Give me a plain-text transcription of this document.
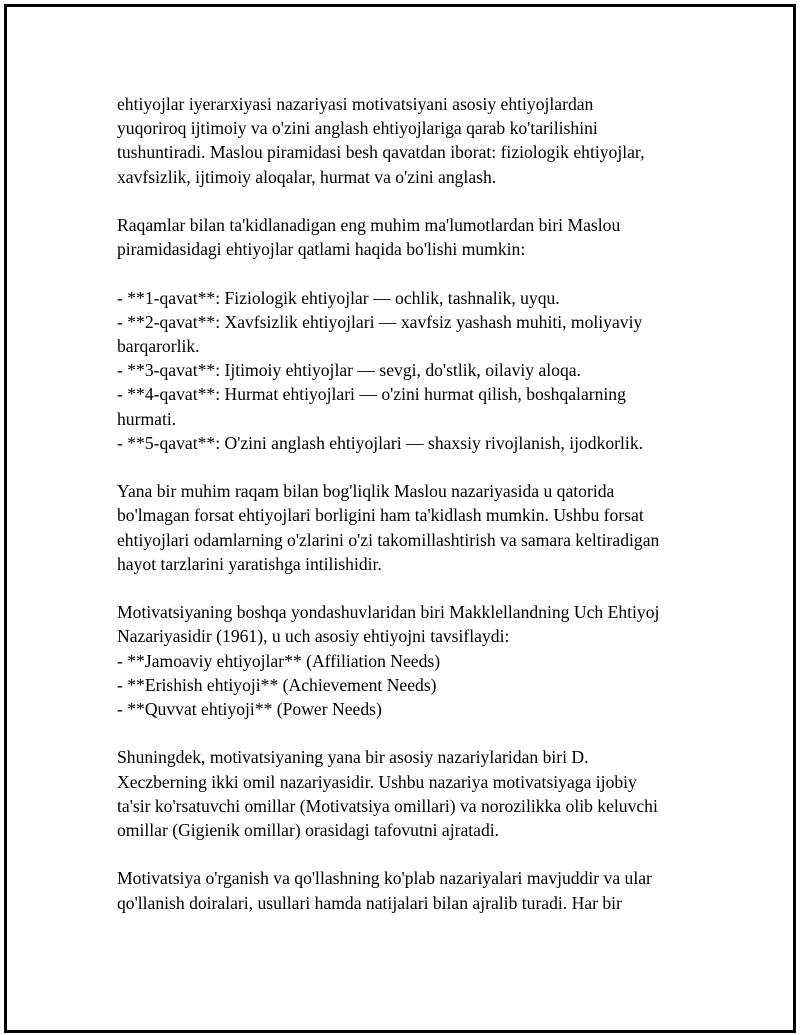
ehtiyojlar iyerarxiyasi nazariyasi motivatsiyani asosiy ehtiyojlardan
yuqoriroq ijtimoiy va o'zini anglash ehtiyojlariga qarab ko'tarilishini
tushuntiradi. Maslou piramidasi besh qavatdan iborat: fiziologik ehtiyojlar,
xavfsizlik, ijtimoiy aloqalar, hurmat va o'zini anglash.

Raqamlar bilan ta'kidlanadigan eng muhim ma'lumotlardan biri Maslou
piramidasidagi ehtiyojlar qatlami haqida bo'lishi mumkin:

- **1-qavat**: Fiziologik ehtiyojlar — ochlik, tashnalik, uyqu.
- **2-qavat**: Xavfsizlik ehtiyojlari — xavfsiz yashash muhiti, moliyaviy
barqarorlik.
- **3-qavat**: Ijtimoiy ehtiyojlar — sevgi, do'stlik, oilaviy aloqa.
- **4-qavat**: Hurmat ehtiyojlari — o'zini hurmat qilish, boshqalarning
hurmati.
- **5-qavat**: O'zini anglash ehtiyojlari — shaxsiy rivojlanish, ijodkorlik.

Yana bir muhim raqam bilan bog'liqlik Maslou nazariyasida u qatorida
bo'lmagan forsat ehtiyojlari borligini ham ta'kidlash mumkin. Ushbu forsat
ehtiyojlari odamlarning o'zlarini o'zi takomillashtirish va samara keltiradigan
hayot tarzlarini yaratishga intilishidir.

Motivatsiyaning boshqa yondashuvlaridan biri Makklellandning Uch Ehtiyoj
Nazariyasidir (1961), u uch asosiy ehtiyojni tavsiflaydi:
- **Jamoaviy ehtiyojlar** (Affiliation Needs)
- **Erishish ehtiyoji** (Achievement Needs)
- **Quvvat ehtiyoji** (Power Needs)

Shuningdek, motivatsiyaning yana bir asosiy nazariylaridan biri D.
Xeczberning ikki omil nazariyasidir. Ushbu nazariya motivatsiyaga ijobiy
ta'sir ko'rsatuvchi omillar (Motivatsiya omillari) va norozilikka olib keluvchi
omillar (Gigienik omillar) orasidagi tafovutni ajratadi.

Motivatsiya o'rganish va qo'llashning ko'plab nazariyalari mavjuddir va ular
qo'llanish doiralari, usullari hamda natijalari bilan ajralib turadi. Har bir
